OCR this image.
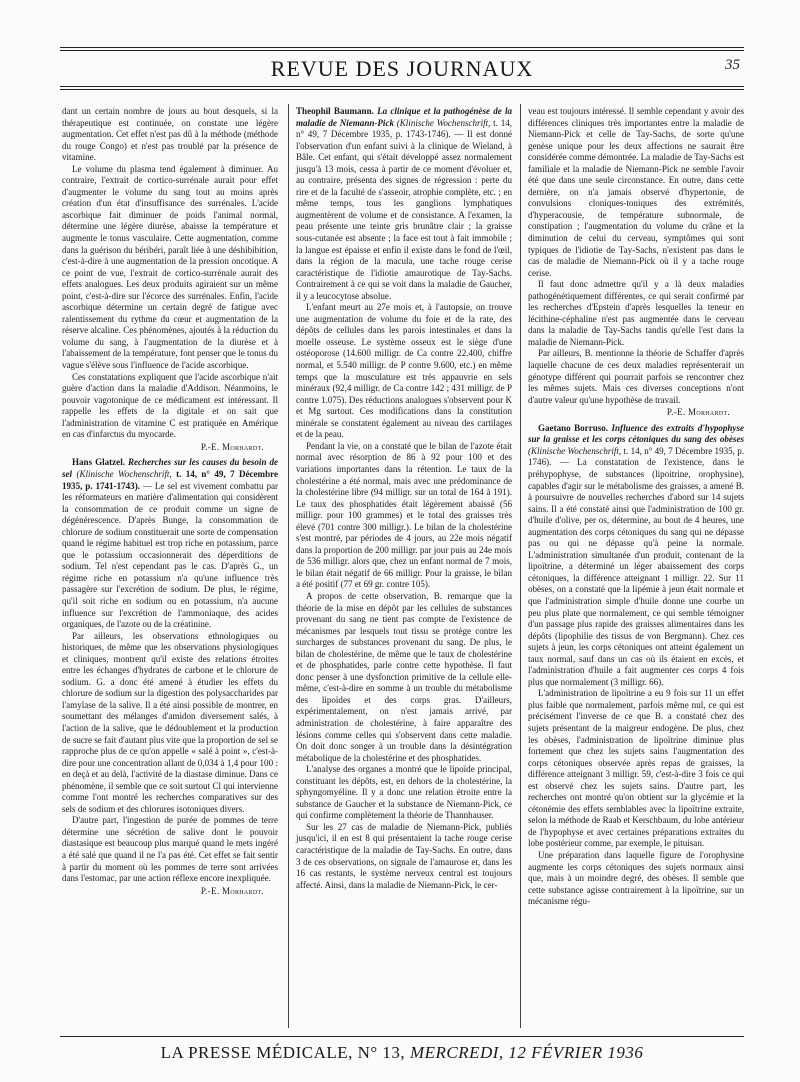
REVUE DES JOURNAUX	35

dant un certain nombre de jours au bout desquels, si la thérapeutique est continuée, on constate une légère augmentation. Cet effet n'est pas dû à la méthode (méthode du rouge Congo) et n'est pas troublé par la présence de vitamine.

Le volume du plasma tend également à diminuer. Au contraire, l'extrait de cortico-surrénale aurait pour effet d'augmenter le volume du sang tout au moins après création d'un état d'insuffisance des surrénales. L'acide ascorbique fait diminuer de poids l'animal normal, détermine une légère diurèse, abaisse la température et augmente le tonus vasculaire. Cette augmentation, comme dans la guérison du béribéri, paraît liée à une déshibibition, c'est-à-dire à une augmentation de la pression oncotique. A ce point de vue, l'extrait de cortico-surrénale aurait des effets analogues. Les deux produits agiraient sur un même point, c'est-à-dire sur l'écorce des surrénales. Enfin, l'acide ascorbique détermine un certain degré de fatigue avec ralentissement du rythme du cœur et augmentation de la réserve alcaline. Ces phénomènes, ajoutés à la réduction du volume du sang, à l'augmentation de la diurèse et à l'abaissement de la température, font penser que le tonus du vague s'élève sous l'influence de l'acide ascorbique.

Ces constatations expliquent que l'acide ascorbique n'ait guère d'action dans la maladie d'Addison. Néanmoins, le pouvoir vagotonique de ce médicament est intéressant. Il rappelle les effets de la digitale et on sait que l'administration de vitamine C est pratiquée en Amérique en cas d'infarctus du myocarde.

P.-E. Morhardt.

Hans Glatzel. Recherches sur les causes du besoin de sel (Klinische Wochenschrift, t. 14, n° 49, 7 Décembre 1935, p. 1741-1743). — Le sel est vivement combattu par les réformateurs en matière d'alimentation qui considèrent la consommation de ce produit comme un signe de dégénérescence. D'après Bunge, la consommation de chlorure de sodium constituerait une sorte de compensation quand le régime habituel est trop riche en potassium, parce que le potassium occasionnerait des déperditions de sodium. Tel n'est cependant pas le cas. D'après G., un régime riche en potassium n'a qu'une influence très passagère sur l'excrétion de sodium. De plus, le régime, qu'il soit riche en sodium ou en potassium, n'a aucune influence sur l'excrétion de l'ammoniaque, des acides organiques, de l'azote ou de la créatinine.

Par ailleurs, les observations ethnologiques ou historiques, de même que les observations physiologiques et cliniques, montrent qu'il existe des relations étroites entre les échanges d'hydrates de carbone et le chlorure de sodium. G. a donc été amené à étudier les effets du chlorure de sodium sur la digestion des polysaccharides par l'amylase de la salive. Il a été ainsi possible de montrer, en soumettant des mélanges d'amidon diversement salés, à l'action de la salive, que le dédoublement et la production de sucre se fait d'autant plus vite que la proportion de sel se rapproche plus de ce qu'on appelle « salé à point », c'est-à-dire pour une concentration allant de 0,034 à 1,4 pour 100 : en deçà et au delà, l'activité de la diastase diminue. Dans ce phénomène, il semble que ce soit surtout Cl qui intervienne comme l'ont montré les recherches comparatives sur des sels de sodium et des chlorures isotoniques divers.

D'autre part, l'ingestion de purée de pommes de terre détermine une sécrétion de salive dont le pouvoir diastasique est beaucoup plus marqué quand le mets ingéré a été salé que quand il ne l'a pas été. Cet effet se fait sentir à partir du moment où les pommes de terre sont arrivées dans l'estomac, par une action réflexe encore inexpliquée.

P.-E. Morhardt.

Theophil Baumann. La clinique et la pathogénèse de la maladie de Niemann-Pick (Klinische Wochenschrift, t. 14, n° 49, 7 Décembre 1935, p. 1743-1746). — Il est donné l'observation d'un enfant suivi à la clinique de Wieland, à Bâle. Cet enfant, qui s'était développé assez normalement jusqu'à 13 mois, cessa à partir de ce moment d'évoluer et, au contraire, présenta des signes de régression : perte du rire et de la faculté de s'asseoir, atrophie complète, etc. ; en même temps, tous les ganglions lymphatiques augmentèrent de volume et de consistance. A l'examen, la peau présente une teinte gris brunâtre clair ; la graisse sous-cutanée est absente ; la face est tout à fait immobile ; la langue est épaisse et enfin il existe dans le fond de l'œil, dans la région de la macula, une tache rouge cerise caractéristique de l'idiotie amaurotique de Tay-Sachs. Contrairement à ce qui se voit dans la maladie de Gaucher, il y a leucocytose absolue.

L'enfant meurt au 27e mois et, à l'autopsie, on trouve une augmentation de volume du foie et de la rate, des dépôts de cellules dans les parois intestinales et dans la moelle osseuse. Le système osseux est le siège d'une ostéoporose (14.600 milligr. de Ca contre 22.400, chiffre normal, et 5.540 milligr. de P contre 9.600, etc.) en même temps que la musculature est très appauvrie en sels minéraux (92,4 milligr. de Ca contre 142 ; 431 milligr. de P contre 1.075). Des réductions analogues s'observent pour K et Mg surtout. Ces modifications dans la constitution minérale se constatent également au niveau des cartilages et de la peau.

Pendant la vie, on a constaté que le bilan de l'azote était normal avec résorption de 86 à 92 pour 100 et des variations importantes dans la rétention. Le taux de la cholestérine a été normal, mais avec une prédominance de la cholestérine libre (94 milligr. sur un total de 164 à 191). Le taux des phosphatides était légèrement abaissé (56 milligr. pour 100 grammes) et le total des graisses très élevé (701 contre 300 milligr.). Le bilan de la cholestérine s'est montré, par périodes de 4 jours, au 22e mois négatif dans la proportion de 200 milligr. par jour puis au 24e mois de 536 milligr. alors que, chez un enfant normal de 7 mois, le bilan était négatif de 66 milligr. Pour la graisse, le bilan a été positif (77 et 69 gr. contre 105).

A propos de cette observation, B. remarque que la théorie de la mise en dépôt par les cellules de substances provenant du sang ne tient pas compte de l'existence de mécanismes par lesquels tout tissu se protège contre les surcharges de substances provenant du sang. De plus, le bilan de cholestérine, de même que le taux de cholestérine et de phosphatides, parle contre cette hypothèse. Il faut donc penser à une dysfonction primitive de la cellule elle-même, c'est-à-dire en somme à un trouble du métabolisme des lipoïdes et des corps gras. D'ailleurs, expérimentalement, on n'est jamais arrivé, par administration de cholestérine, à faire apparaître des lésions comme celles qui s'observent dans cette maladie. On doit donc songer à un trouble dans la désintégration métabolique de la cholestérine et des phosphatides.

L'analyse des organes a montré que le lipoïde principal, constituant les dépôts, est, en dehors de la cholestérine, la sphyngomyéline. Il y a donc une relation étroite entre la substance de Gaucher et la substance de Niemann-Pick, ce qui confirme complètement la théorie de Thannhauser.

Sur les 27 cas de maladie de Niemann-Pick, publiés jusqu'ici, il en est 8 qui présentaient la tache rouge cerise caractéristique de la maladie de Tay-Sachs. En outre, dans 3 de ces observations, on signale de l'amaurose et, dans les 16 cas restants, le système nerveux central est toujours affecté. Ainsi, dans la maladie de Niemann-Pick, le cer-

veau est toujours intéressé. Il semble cependant y avoir des différences cliniques très importantes entre la maladie de Niemann-Pick et celle de Tay-Sachs, de sorte qu'une genèse unique pour les deux affections ne saurait être considérée comme démontrée. La maladie de Tay-Sachs est familiale et la maladie de Niemann-Pick ne semble l'avoir été que dans une seule circonstance. En outre, dans cette dernière, on n'a jamais observé d'hypertonie, de convulsions cloniques-toniques des extrémités, d'hyperacousie, de température subnormale, de constipation ; l'augmentation du volume du crâne et la diminution de celui du cerveau, symptômes qui sont typiques de l'idiotie de Tay-Sachs, n'existent pas dans le cas de maladie de Niemann-Pick où il y a tache rouge cerise.

Il faut donc admettre qu'il y a là deux maladies pathogénétiquement différentes, ce qui serait confirmé par les recherches d'Epstein d'après lesquelles la teneur en lécithine-céphaline n'est pas augmentée dans le cerveau dans la maladie de Tay-Sachs tandis qu'elle l'est dans la maladie de Niemann-Pick.

Par ailleurs, B. mentionne la théorie de Schaffer d'après laquelle chacune de ces deux maladies représenterait un génotype différent qui pourrait parfois se rencontrer chez les mêmes sujets. Mais ces diverses conceptions n'ont d'autre valeur qu'une hypothèse de travail.

P.-E. Morhardt.

Gaetano Borruso. Influence des extraits d'hypophyse sur la graisse et les corps cétoniques du sang des obèses (Klinische Wochenschrift, t. 14, n° 49, 7 Décembre 1935, p. 1746). — La constatation de l'existence, dans le préhypophyse, de substances (lipoitrine, orophysine), capables d'agir sur le métabolisme des graisses, a amené B. à poursuivre de nouvelles recherches d'abord sur 14 sujets sains. Il a été constaté ainsi que l'administration de 100 gr. d'huile d'olive, per os, détermine, au bout de 4 heures, une augmentation des corps cétoniques du sang qui ne dépasse pas ou qui ne dépasse qu'à peine la normale. L'administration simultanée d'un produit, contenant de la lipoïtrine, a déterminé un léger abaissement des corps cétoniques, la différence atteignant 1 milligr. 22. Sur 11 obèses, on a constaté que la lipémie à jeun était normale et que l'administration simple d'huile donne une courbe un peu plus plate que normalement, ce qui semble témoigner d'un passage plus rapide des graisses alimentaires dans les dépôts (lipophilie des tissus de von Bergmann). Chez ces sujets à jeun, les corps cétoniques ont atteint également un taux normal, sauf dans un cas où ils étaient en excès, et l'administration d'huile a fait augmenter ces corps 4 fois plus que normalement (3 milligr. 66).

L'administration de lipoïtrine a eu 9 fois sur 11 un effet plus faible que normalement, parfois même nul, ce qui est précisément l'inverse de ce que B. a constaté chez des sujets présentant de la maigreur endogène. De plus, chez les obèses, l'administration de lipoïtrine diminue plus fortement que chez les sujets sains l'augmentation des corps cétoniques observée après repas de graisses, la différence atteignant 3 milligr. 59, c'est-à-dire 3 fois ce qui est observé chez les sujets sains. D'autre part, les recherches ont montré qu'on obtient sur la glycémie et la cétonémie des effets semblables avec la lipoïtrine extraite, selon la méthode de Raab et Kerschbaum, du lobe antérieur de l'hypophyse et avec certaines préparations extraites du lobe postérieur comme, par exemple, le pituisan.

Une préparation dans laquelle figure de l'orophysine augmente les corps cétoniques des sujets normaux ainsi que, mais à un moindre degré, des obèses. Il semble que cette substance agisse contrairement à la lipoïtrine, sur un mécanisme régu-

LA PRESSE MÉDICALE, N° 13, MERCREDI, 12 FÉVRIER 1936
